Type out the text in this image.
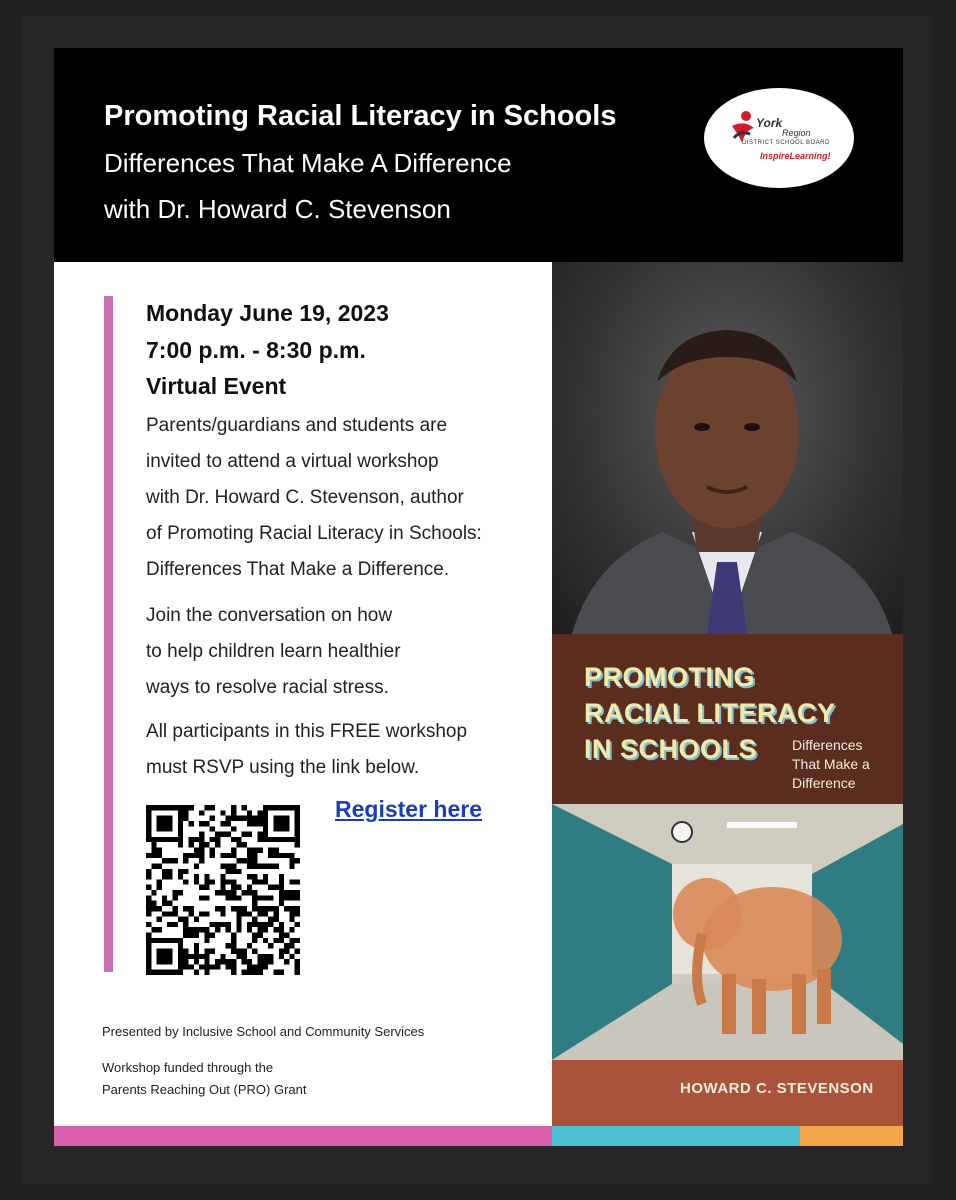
Promoting Racial Literacy in Schools
Differences That Make A Difference
with Dr. Howard C. Stevenson
York
Region
DISTRICT SCHOOL BOARD
InspireLearning!
Monday June 19, 2023
7:00 p.m. - 8:30 p.m.
Virtual Event
Parents/guardians and students are
invited to attend a virtual workshop
with Dr. Howard C. Stevenson, author
of Promoting Racial Literacy in Schools:
Differences That Make a Difference.
Join the conversation on how
to help children learn healthier
ways to resolve racial stress.
All participants in this FREE workshop
must RSVP using the link below.
Register here
Presented by Inclusive School and Community Services
Workshop funded through the
Parents Reaching Out (PRO) Grant
PROMOTING
RACIAL LITERACY
IN SCHOOLS Differences
That Make a
Difference
HOWARD C. STEVENSON
